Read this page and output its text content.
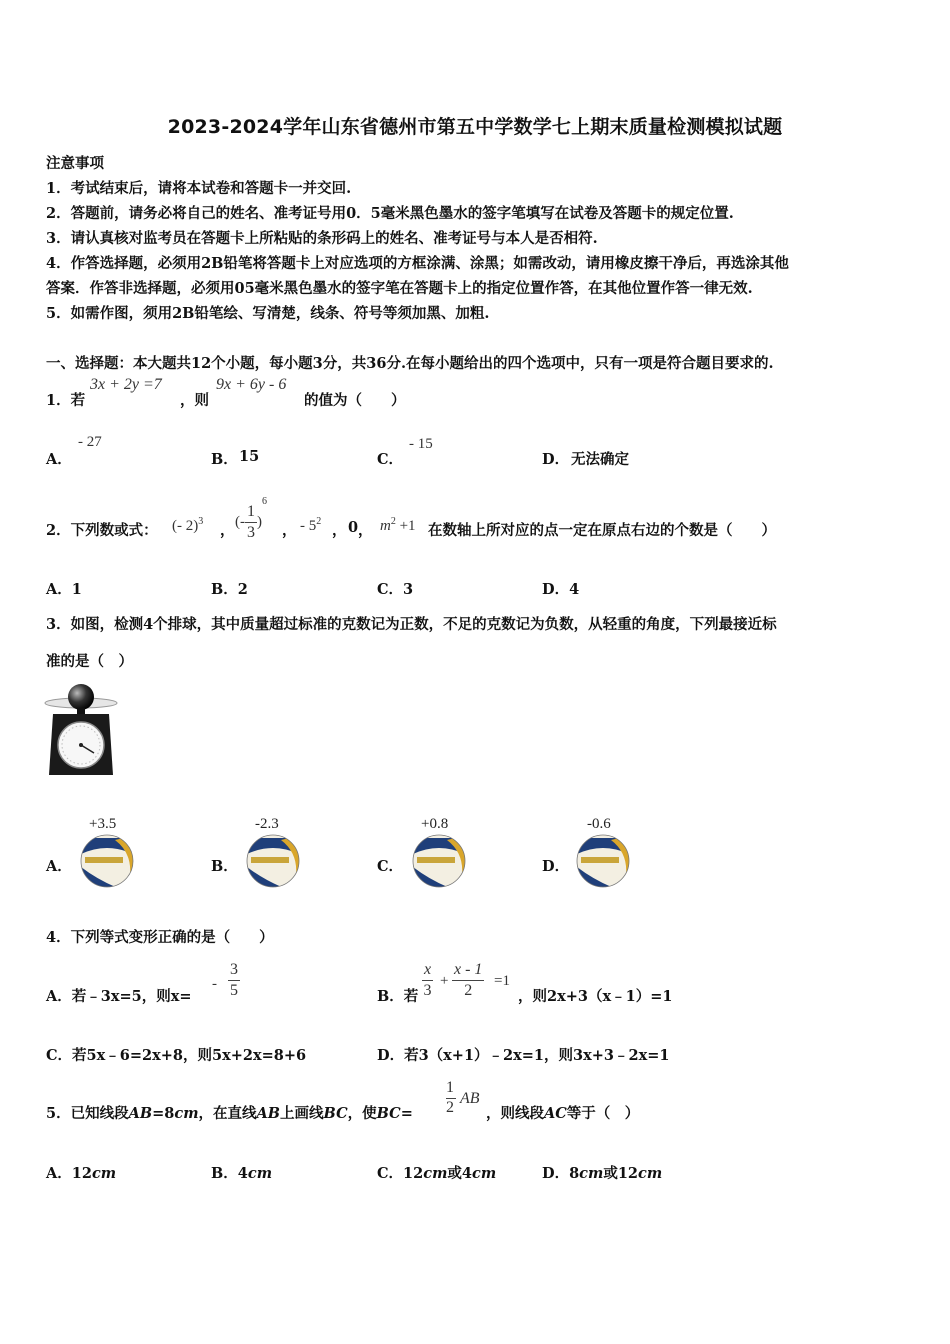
2023-2024学年山东省德州市第五中学数学七上期末质量检测模拟试题
注意事项
1．考试结束后，请将本试卷和答题卡一并交回.
2．答题前，请务必将自己的姓名、准考证号用0．5毫米黑色墨水的签字笔填写在试卷及答题卡的规定位置.
3．请认真核对监考员在答题卡上所粘贴的条形码上的姓名、准考证号与本人是否相符.
4．作答选择题，必须用2B铅笔将答题卡上对应选项的方框涂满、涂黑；如需改动，请用橡皮擦干净后，再选涂其他
答案．作答非选择题，必须用05毫米黑色墨水的签字笔在答题卡上的指定位置作答，在其他位置作答一律无效.
5．如需作图，须用2B铅笔绘、写清楚，线条、符号等须加黑、加粗.
一、选择题：本大题共12个小题，每小题3分，共36分.在每小题给出的四个选项中，只有一项是符合题目要求的.
1．若
3x + 2y =7
，则
9x + 6y - 6
的值为（　　）
A．
- 27
B． 15	C．
- 15
D． 无法确定
2．下列数或式： (- 2)$^3$
， (- $\frac{1}{3} )^6$
， - $5^2$
， 0 ， $m^2 +1$ 在数轴上所对应的点一定在原点右边的个数是（　　）
A．1	B．2	C．3	D．4
3．如图，检测4个排球，其中质量超过标准的克数记为正数，不足的克数记为负数，从轻重的角度，下列最接近标
准的是（　）
A．
+3.5
B．
-2.3
C．
+0.8
D．
-0.6
4．下列等式变形正确的是（　　）
A．若﹣3x=5，则x=
- $\frac{3}{5}$	B．若 $\frac{x}{3} + \frac{x - 1}{2} =1$
，则2x+3（x﹣1）=1
C．若5x﹣6=2x+8，则5x+2x=8+6	D．若3（x+1）﹣2x=1，则3x+3﹣2x=1
5．已知线段AB=8cm，在直线AB上画线BC，使BC=
1
2
AB
，则线段AC等于（　）
A．12cm	B．4cm	C．12cm或4cm	D．8cm或12cm
